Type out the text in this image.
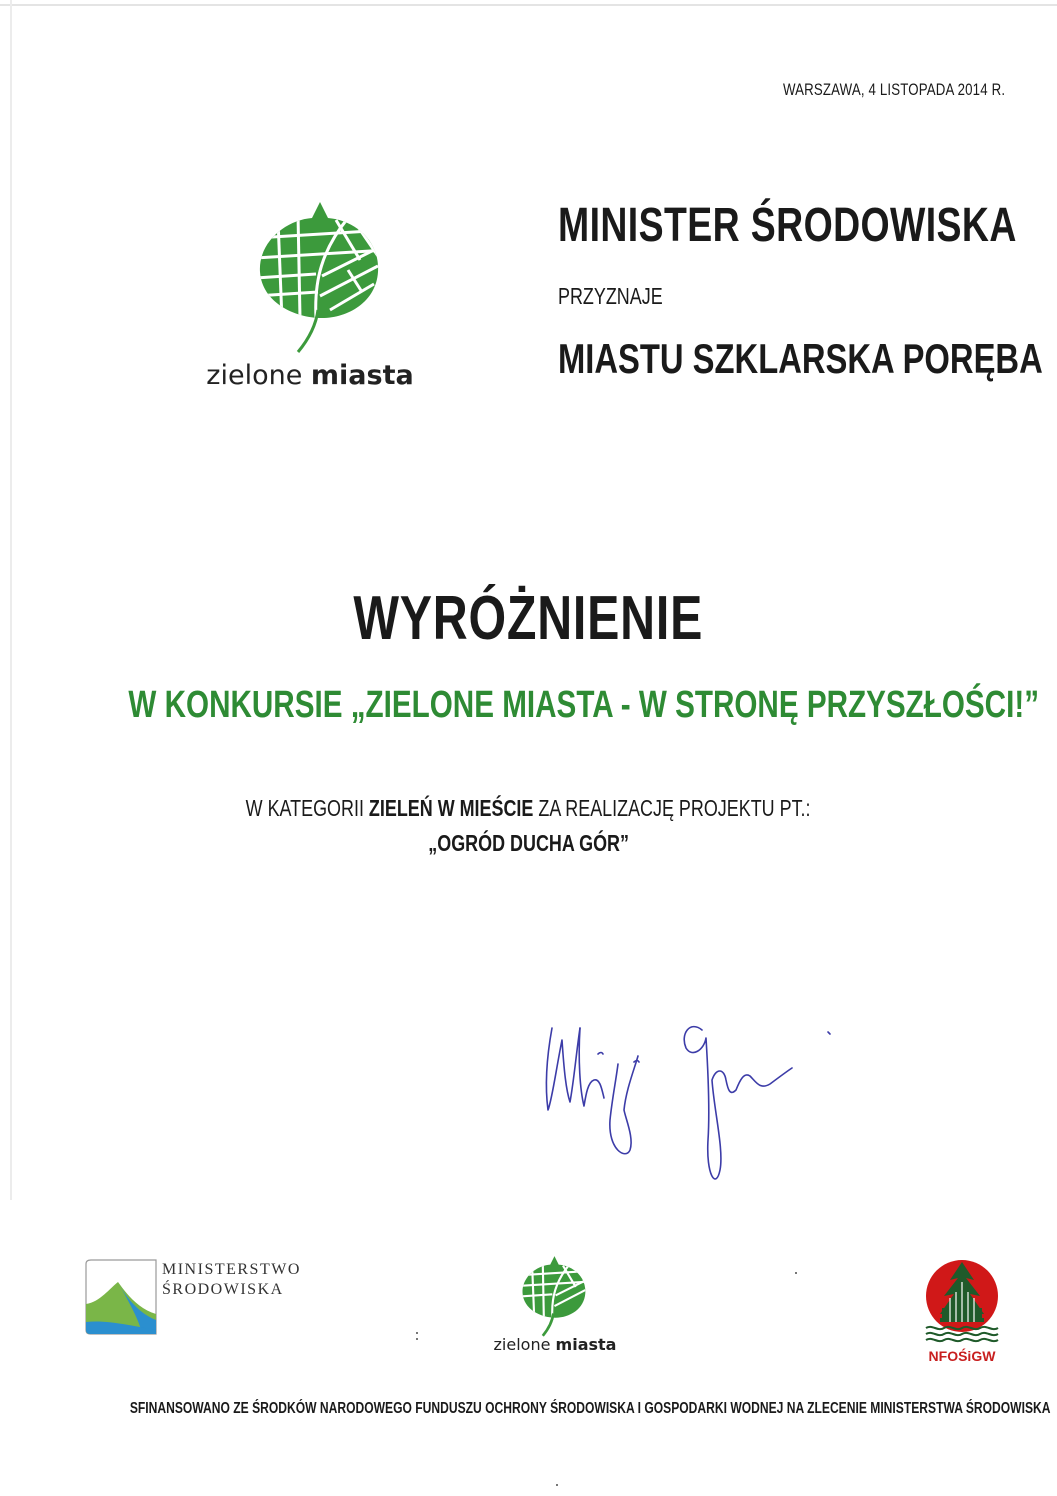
WARSZAWA, 4 LISTOPADA 2014 R.
zielone miasta
MINISTER ŚRODOWISKA
PRZYZNAJE
MIASTU SZKLARSKA PORĘBA
WYRÓŻNIENIE
W KONKURSIE „ZIELONE MIASTA - W STRONĘ PRZYSZŁOŚCI!”
W KATEGORII ZIELEŃ W MIEŚCIE ZA REALIZACJĘ PROJEKTU PT.:
„OGRÓD DUCHA GÓR”
MINISTERSTWO
ŚRODOWISKA
zielone miasta
NFOŚiGW
SFINANSOWANO ZE ŚRODKÓW NARODOWEGO FUNDUSZU OCHRONY ŚRODOWISKA I GOSPODARKI WODNEJ NA ZLECENIE MINISTERSTWA ŚRODOWISKA
